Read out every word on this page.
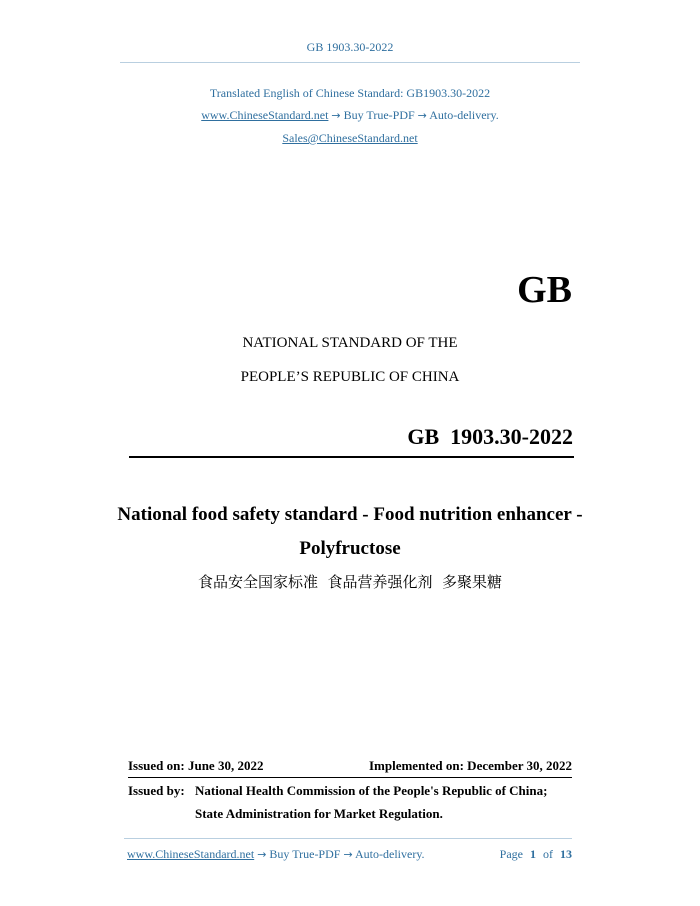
GB 1903.30-2022
Translated English of Chinese Standard: GB1903.30-2022
www.ChineseStandard.net → Buy True-PDF → Auto-delivery.
Sales@ChineseStandard.net
GB
NATIONAL STANDARD OF THE
PEOPLE’S REPUBLIC OF CHINA
GB  1903.30-2022
National food safety standard - Food nutrition enhancer -
Polyfructose
食品安全国家标准  食品营养强化剂  多聚果糖
Issued on: June 30, 2022	Implemented on: December 30, 2022
Issued by: National Health Commission of the People's Republic of China;
State Administration for Market Regulation.
www.ChineseStandard.net → Buy True-PDF → Auto-delivery.	Page 1 of 13
